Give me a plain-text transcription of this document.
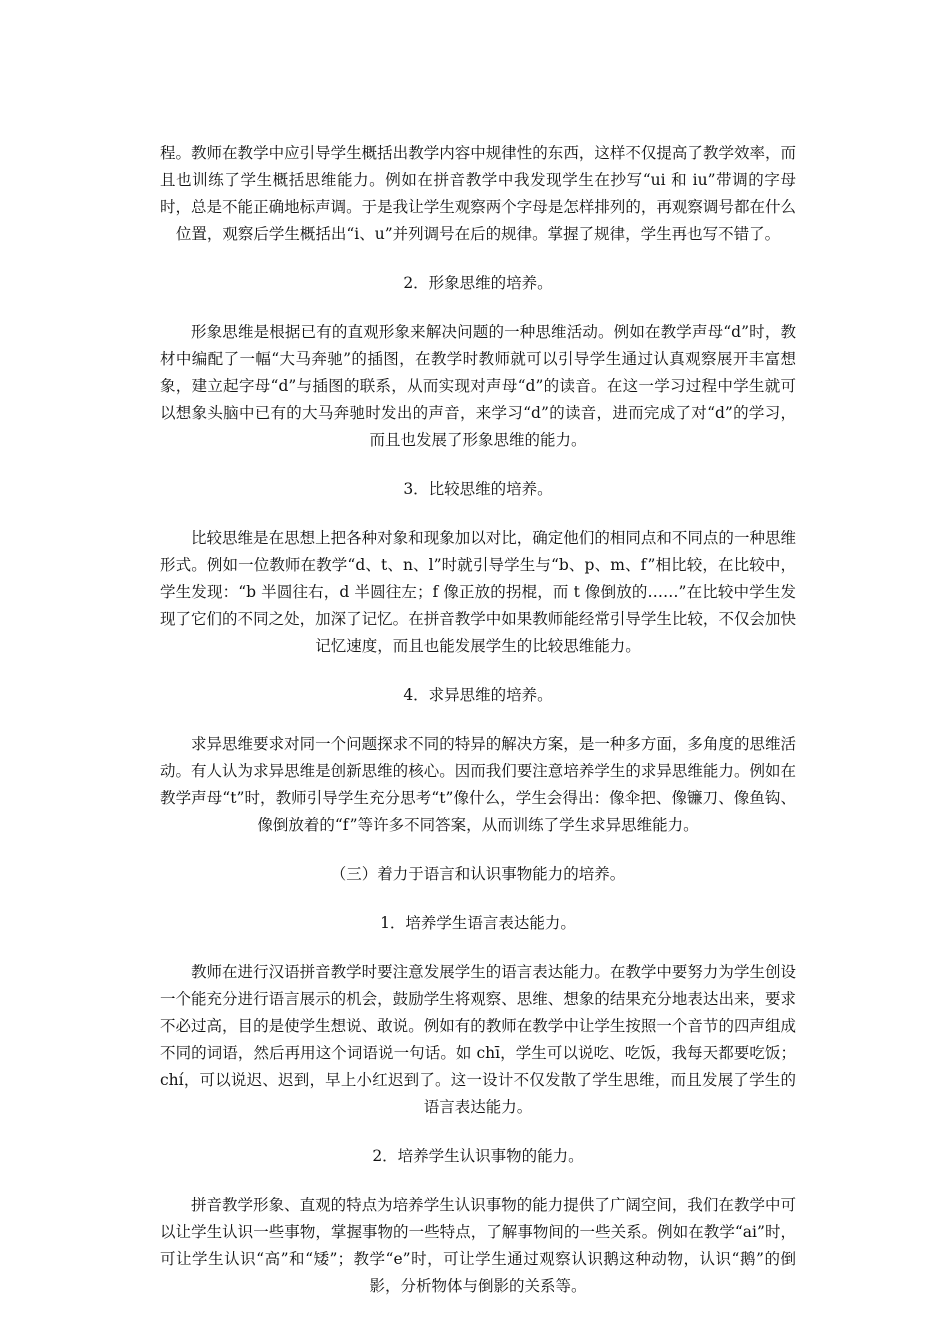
程。教师在教学中应引导学生概括出教学内容中规律性的东西，这样不仅提高了教学效率，而且也训练了学生概括思维能力。例如在拼音教学中我发现学生在抄写“ui 和 iu”带调的字母时，总是不能正确地标声调。于是我让学生观察两个字母是怎样排列的，再观察调号都在什么位置，观察后学生概括出“i、u”并列调号在后的规律。掌握了规律，学生再也写不错了。

2．形象思维的培养。

形象思维是根据已有的直观形象来解决问题的一种思维活动。例如在教学声母“d”时，教材中编配了一幅“大马奔驰”的插图，在教学时教师就可以引导学生通过认真观察展开丰富想象，建立起字母“d”与插图的联系，从而实现对声母“d”的读音。在这一学习过程中学生就可以想象头脑中已有的大马奔驰时发出的声音，来学习“d”的读音，进而完成了对“d”的学习，而且也发展了形象思维的能力。

3．比较思维的培养。

比较思维是在思想上把各种对象和现象加以对比，确定他们的相同点和不同点的一种思维形式。例如一位教师在教学“d、t、n、l”时就引导学生与“b、p、m、f”相比较，在比较中，学生发现：“b 半圆往右，d 半圆往左；f 像正放的拐棍，而 t 像倒放的……”在比较中学生发现了它们的不同之处，加深了记忆。在拼音教学中如果教师能经常引导学生比较，不仅会加快记忆速度，而且也能发展学生的比较思维能力。

4．求异思维的培养。

求异思维要求对同一个问题探求不同的特异的解决方案，是一种多方面，多角度的思维活动。有人认为求异思维是创新思维的核心。因而我们要注意培养学生的求异思维能力。例如在教学声母“t”时，教师引导学生充分思考“t”像什么，学生会得出：像伞把、像镰刀、像鱼钩、像倒放着的“f”等许多不同答案，从而训练了学生求异思维能力。

（三）着力于语言和认识事物能力的培养。

1．培养学生语言表达能力。

教师在进行汉语拼音教学时要注意发展学生的语言表达能力。在教学中要努力为学生创设一个能充分进行语言展示的机会，鼓励学生将观察、思维、想象的结果充分地表达出来，要求不必过高，目的是使学生想说、敢说。例如有的教师在教学中让学生按照一个音节的四声组成不同的词语，然后再用这个词语说一句话。如 chī，学生可以说吃、吃饭，我每天都要吃饭；chí，可以说迟、迟到，早上小红迟到了。这一设计不仅发散了学生思维，而且发展了学生的语言表达能力。

2．培养学生认识事物的能力。

拼音教学形象、直观的特点为培养学生认识事物的能力提供了广阔空间，我们在教学中可以让学生认识一些事物，掌握事物的一些特点，了解事物间的一些关系。例如在教学“ai”时，可让学生认识“高”和“矮”；教学“e”时，可让学生通过观察认识鹅这种动物，认识“鹅”的倒影，分析物体与倒影的关系等。
